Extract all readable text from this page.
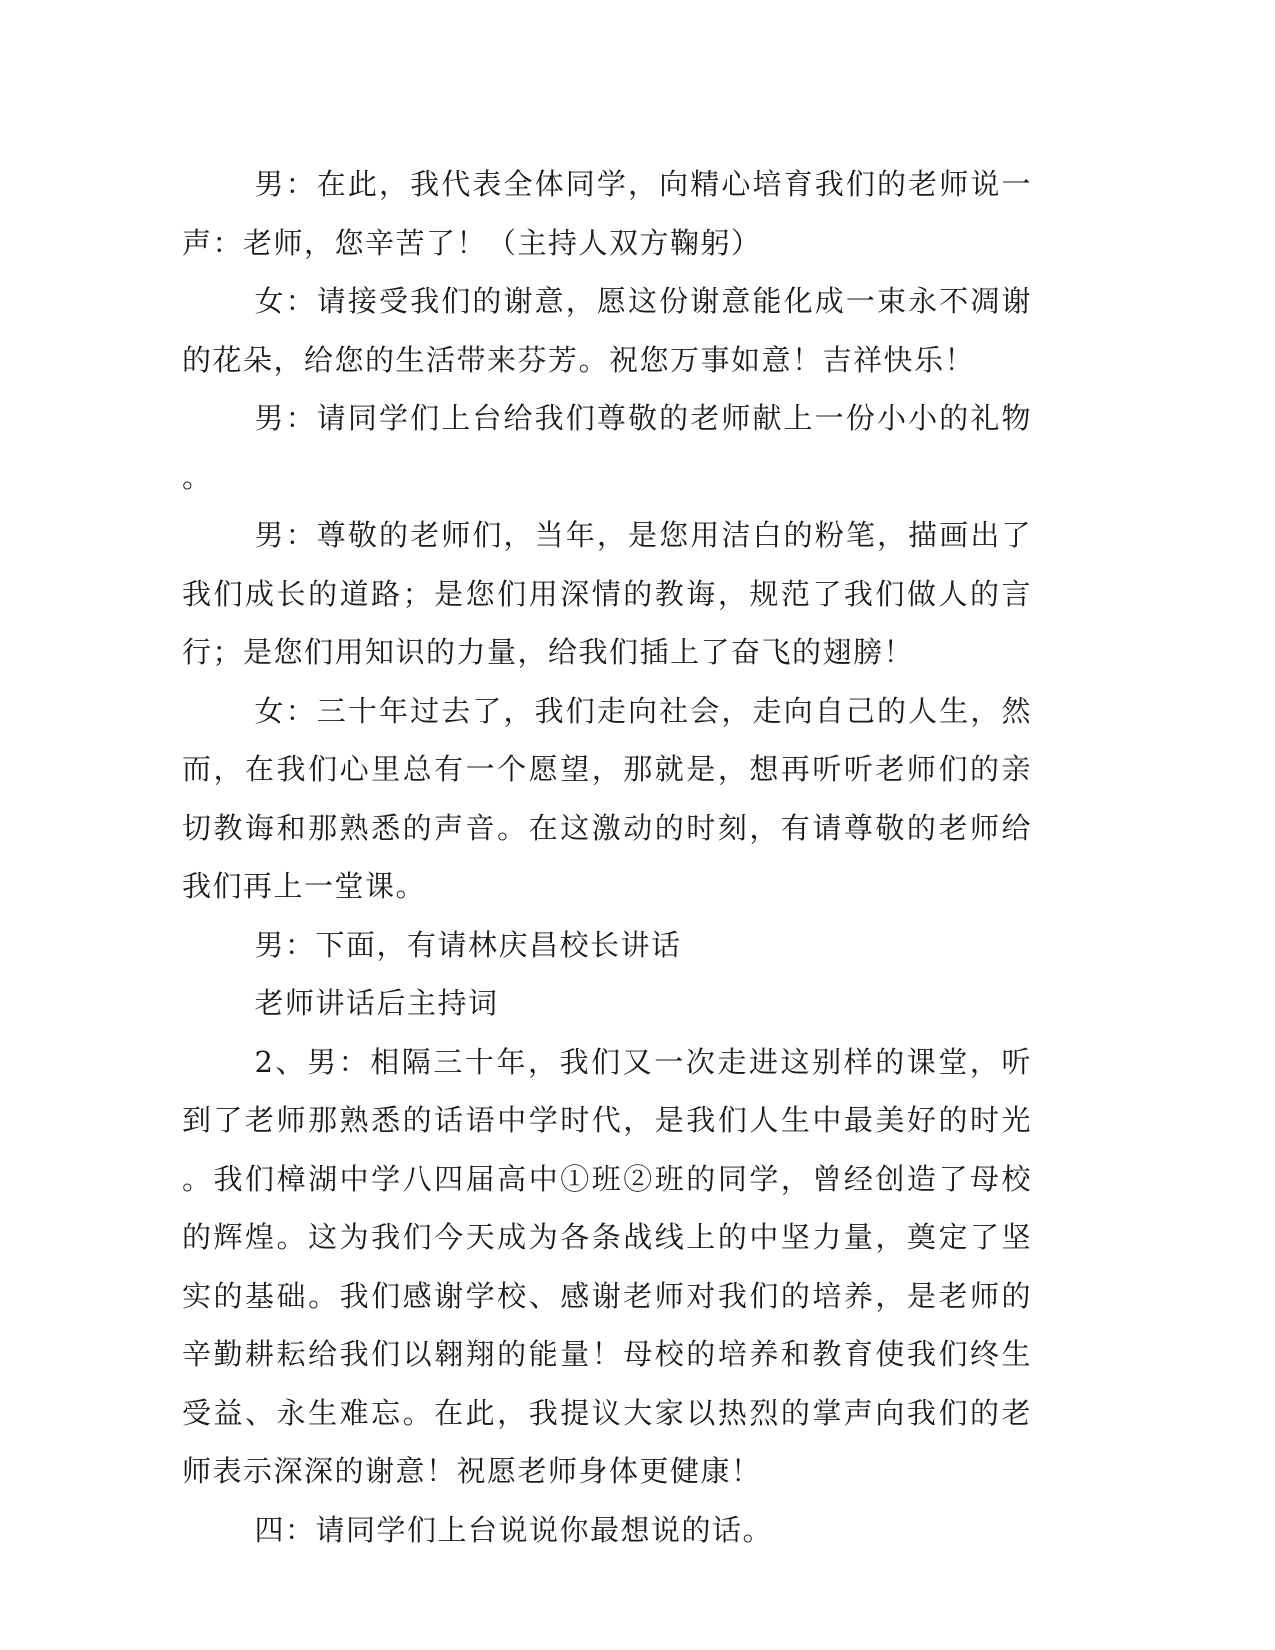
男：在此，我代表全体同学，向精心培育我们的老师说一声：老师，您辛苦了！（主持人双方鞠躬）

女：请接受我们的谢意，愿这份谢意能化成一束永不凋谢的花朵，给您的生活带来芬芳。祝您万事如意！吉祥快乐！

男：请同学们上台给我们尊敬的老师献上一份小小的礼物。

男：尊敬的老师们，当年，是您用洁白的粉笔，描画出了我们成长的道路；是您们用深情的教诲，规范了我们做人的言行；是您们用知识的力量，给我们插上了奋飞的翅膀！

女：三十年过去了，我们走向社会，走向自己的人生，然而，在我们心里总有一个愿望，那就是，想再听听老师们的亲切教诲和那熟悉的声音。在这激动的时刻，有请尊敬的老师给我们再上一堂课。

男：下面，有请林庆昌校长讲话

老师讲话后主持词

2、男：相隔三十年，我们又一次走进这别样的课堂，听到了老师那熟悉的话语中学时代，是我们人生中最美好的时光。我们樟湖中学八四届高中①班②班的同学，曾经创造了母校的辉煌。这为我们今天成为各条战线上的中坚力量，奠定了坚实的基础。我们感谢学校、感谢老师对我们的培养，是老师的辛勤耕耘给我们以翱翔的能量！母校的培养和教育使我们终生受益、永生难忘。在此，我提议大家以热烈的掌声向我们的老师表示深深的谢意！祝愿老师身体更健康！

四：请同学们上台说说你最想说的话。
